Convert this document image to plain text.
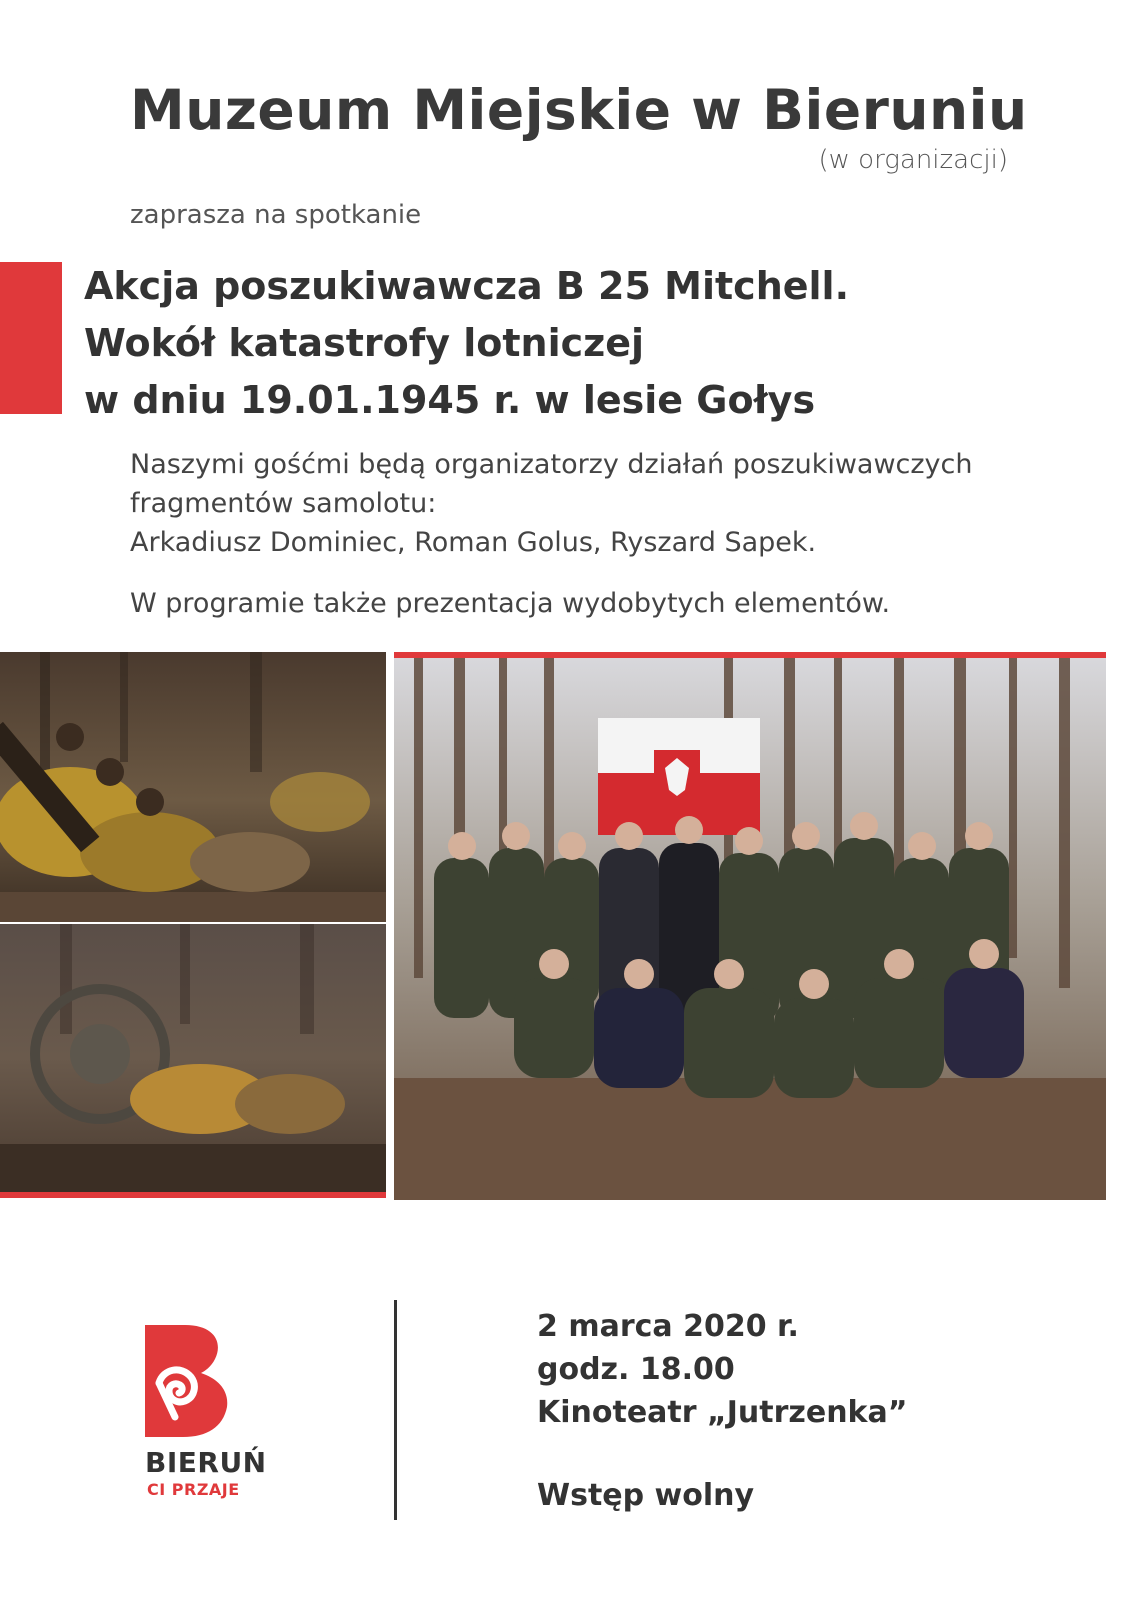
Muzeum Miejskie w Bieruniu
(w organizacji)
zaprasza na spotkanie
Akcja poszukiwawcza B 25 Mitchell.
Wokół katastrofy lotniczej
w dniu 19.01.1945 r. w lesie Gołys
Naszymi gośćmi będą organizatorzy działań poszukiwawczych
fragmentów samolotu:
Arkadiusz Dominiec, Roman Golus, Ryszard Sapek.
W programie także prezentacja wydobytych elementów.
BIERUŃ
CI PRZAJE
2 marca 2020 r.
godz. 18.00
Kinoteatr „Jutrzenka”
Wstęp wolny
